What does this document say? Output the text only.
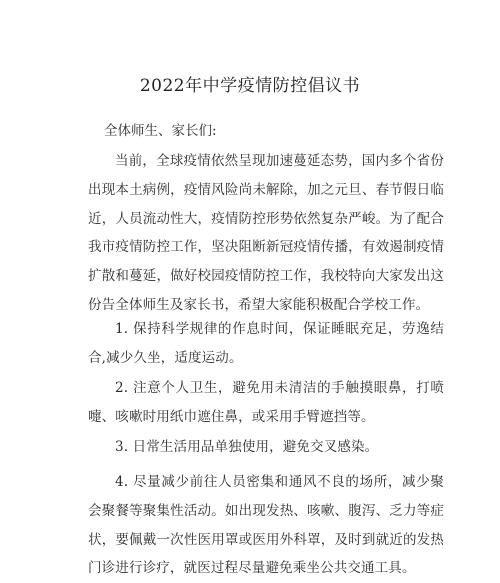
2022年中学疫情防控倡议书
全体师生、家长们:
当前，全球疫情依然呈现加速蔓延态势，国内多个省份出现本土病例，疫情风险尚未解除，加之元旦、春节假日临近，人员流动性大，疫情防控形势依然复杂严峻。为了配合我市疫情防控工作，坚决阻断新冠疫情传播，有效遏制疫情扩散和蔓延，做好校园疫情防控工作，我校特向大家发出这份告全体师生及家长书，希望大家能积极配合学校工作。
1. 保持科学规律的作息时间，保证睡眠充足，劳逸结合,减少久坐，适度运动。
2. 注意个人卫生，避免用未清洁的手触摸眼鼻，打喷嚏、咳嗽时用纸巾遮住鼻，或采用手臂遮挡等。
3. 日常生活用品单独使用，避免交叉感染。
4. 尽量减少前往人员密集和通风不良的场所，减少聚会聚餐等聚集性活动。如出现发热、咳嗽、腹泻、乏力等症状，要佩戴一次性医用罩或医用外科罩，及时到就近的发热门诊进行诊疗，就医过程尽量避免乘坐公共交通工具。
